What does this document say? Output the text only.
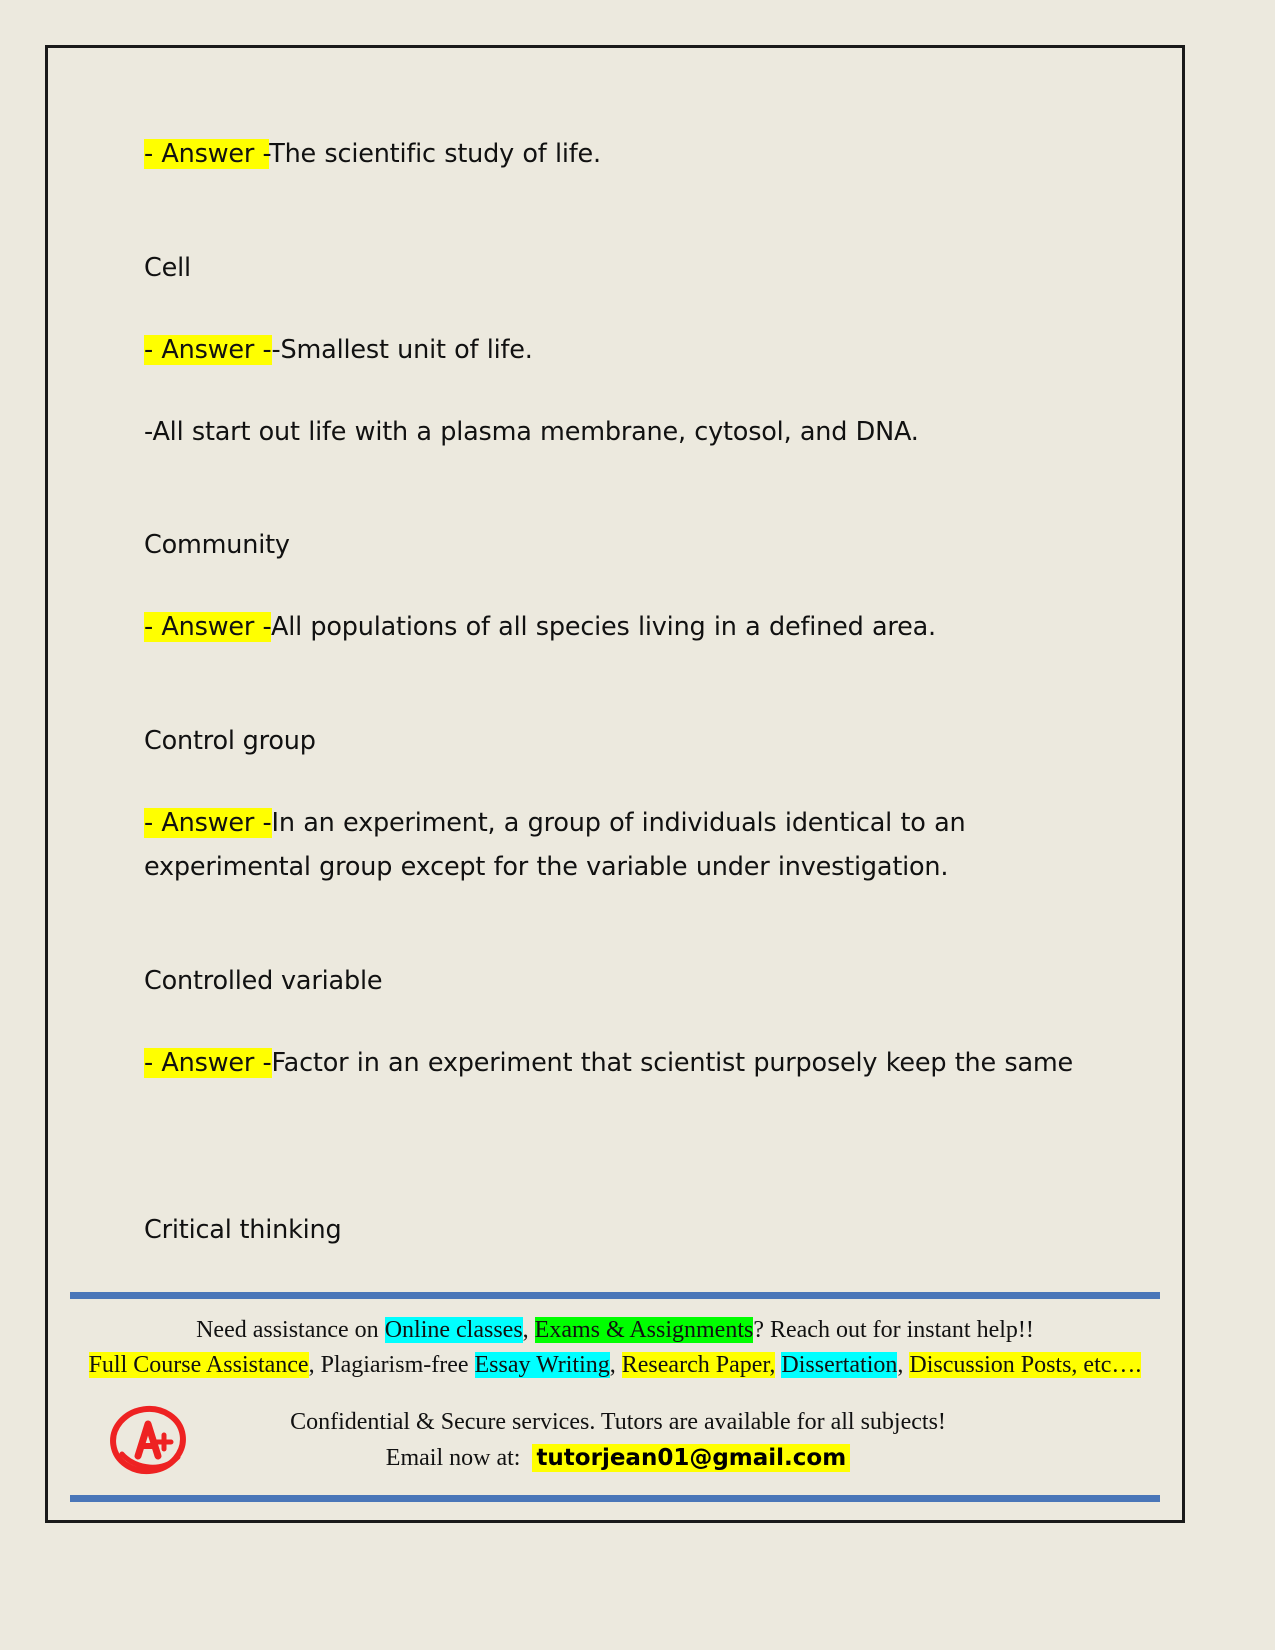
- Answer -The scientific study of life.

Cell

- Answer --Smallest unit of life.

-All start out life with a plasma membrane, cytosol, and DNA.

Community

- Answer -All populations of all species living in a defined area.

Control group

- Answer -In an experiment, a group of individuals identical to an experimental group except for the variable under investigation.

Controlled variable

- Answer -Factor in an experiment that scientist purposely keep the same

Critical thinking

Need assistance on Online classes, Exams & Assignments? Reach out for instant help!!
Full Course Assistance, Plagiarism-free Essay Writing, Research Paper, Dissertation, Discussion Posts, etc….
Confidential & Secure services. Tutors are available for all subjects!
Email now at: tutorjean01@gmail.com
